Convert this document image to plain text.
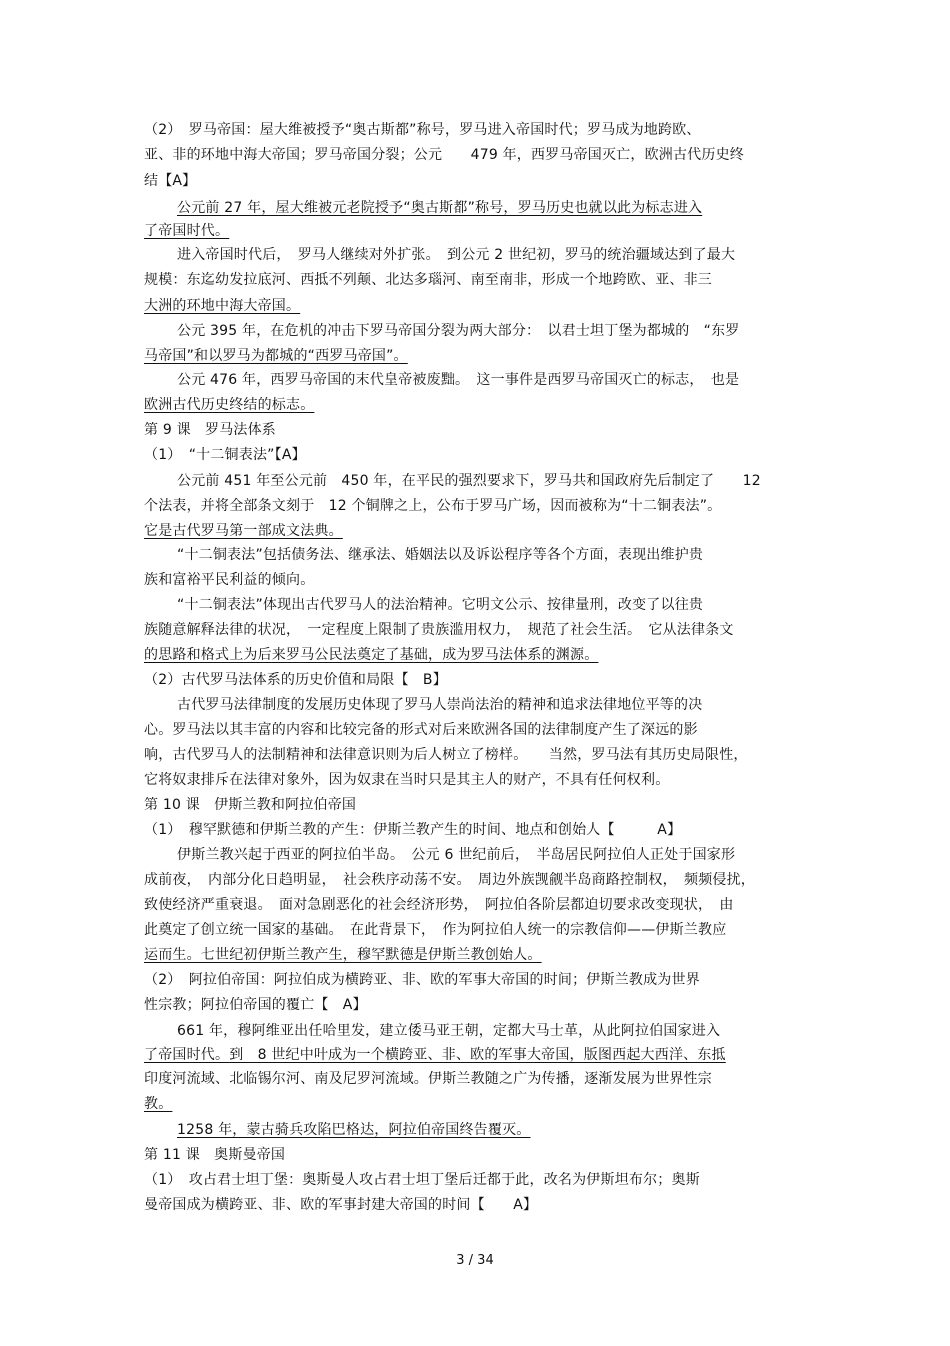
（2）　罗马帝国：屋大维被授予“奥古斯都”称号，罗马进入帝国时代；罗马成为地跨欧、
亚、非的环地中海大帝国；罗马帝国分裂；公元　　479 年，西罗马帝国灭亡，欧洲古代历史终
结【A】
公元前 27 年，屋大维被元老院授予“奥古斯都”称号，罗马历史也就以此为标志进入
了帝国时代。
进入帝国时代后，　罗马人继续对外扩张。　到公元 2 世纪初，罗马的统治疆域达到了最大
规模：东迄幼发拉底河、西抵不列颠、北达多瑙河、南至南非，形成一个地跨欧、亚、非三
大洲的环地中海大帝国。
公元 395 年，在危机的冲击下罗马帝国分裂为两大部分：　以君士坦丁堡为都城的　“东罗
马帝国”和以罗马为都城的“西罗马帝国”。
公元 476 年，西罗马帝国的末代皇帝被废黜。　这一事件是西罗马帝国灭亡的标志，　也是
欧洲古代历史终结的标志。
第 9 课　罗马法体系
（1）　“十二铜表法”【A】
公元前 451 年至公元前　450 年，在平民的强烈要求下，罗马共和国政府先后制定了　　12
个法表，并将全部条文刻于　12 个铜牌之上，公布于罗马广场，因而被称为“十二铜表法”。
它是古代罗马第一部成文法典。
“十二铜表法”包括债务法、继承法、婚姻法以及诉讼程序等各个方面，表现出维护贵
族和富裕平民利益的倾向。
“十二铜表法”体现出古代罗马人的法治精神。它明文公示、按律量刑，改变了以往贵
族随意解释法律的状况，　一定程度上限制了贵族滥用权力，　规范了社会生活。　它从法律条文
的思路和格式上为后来罗马公民法奠定了基础，成为罗马法体系的渊源。
（2）古代罗马法体系的历史价值和局限【　B】
古代罗马法律制度的发展历史体现了罗马人崇尚法治的精神和追求法律地位平等的决
心。罗马法以其丰富的内容和比较完备的形式对后来欧洲各国的法律制度产生了深远的影
响，古代罗马人的法制精神和法律意识则为后人树立了榜样。　　当然，罗马法有其历史局限性，
它将奴隶排斥在法律对象外，因为奴隶在当时只是其主人的财产，不具有任何权利。
第 10 课　伊斯兰教和阿拉伯帝国
（1）　穆罕默德和伊斯兰教的产生：伊斯兰教产生的时间、地点和创始人【　　　A】
伊斯兰教兴起于西亚的阿拉伯半岛。　公元 6 世纪前后，　半岛居民阿拉伯人正处于国家形
成前夜，　内部分化日趋明显，　社会秩序动荡不安。　周边外族觊觎半岛商路控制权，　频频侵扰，
致使经济严重衰退。　面对急剧恶化的社会经济形势，　阿拉伯各阶层都迫切要求改变现状，　由
此奠定了创立统一国家的基础。　在此背景下，　作为阿拉伯人统一的宗教信仰——伊斯兰教应
运而生。七世纪初伊斯兰教产生，穆罕默德是伊斯兰教创始人。
（2）　阿拉伯帝国：阿拉伯成为横跨亚、非、欧的军事大帝国的时间；伊斯兰教成为世界
性宗教；阿拉伯帝国的覆亡【　A】
661 年，穆阿维亚出任哈里发，建立倭马亚王朝，定都大马士革，从此阿拉伯国家进入
了帝国时代。到　8 世纪中叶成为一个横跨亚、非、欧的军事大帝国，版图西起大西洋、东抵
印度河流域、北临锡尔河、南及尼罗河流域。伊斯兰教随之广为传播，逐渐发展为世界性宗
教。
1258 年，蒙古骑兵攻陷巴格达，阿拉伯帝国终告覆灭。
第 11 课　奥斯曼帝国
（1）　攻占君士坦丁堡：奥斯曼人攻占君士坦丁堡后迁都于此，改名为伊斯坦布尔；奥斯
曼帝国成为横跨亚、非、欧的军事封建大帝国的时间【　　A】
3 / 34
